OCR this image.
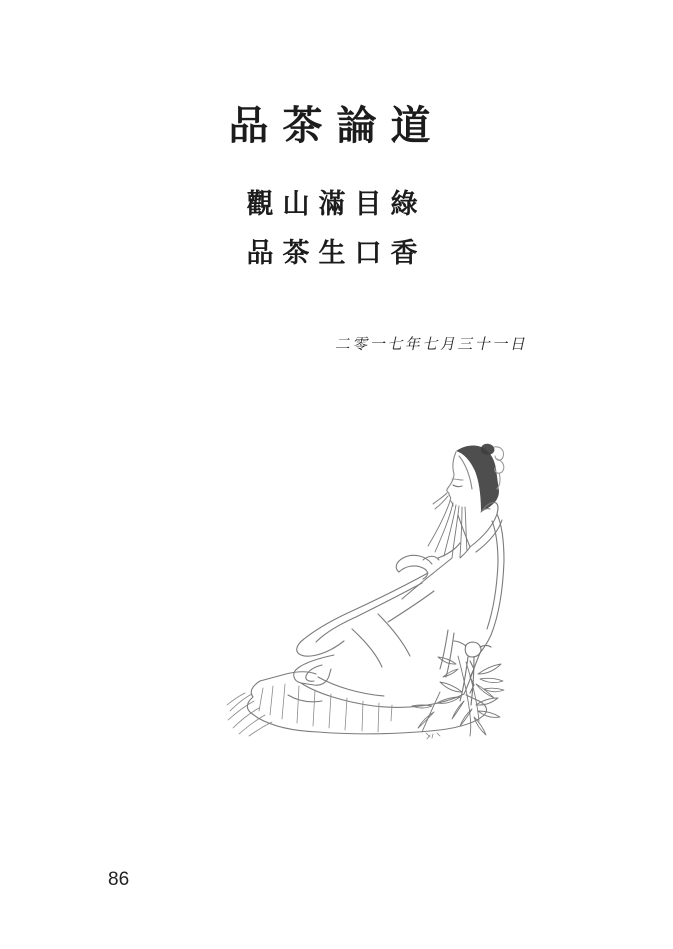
品茶論道
觀山滿目綠
品茶生口香
二零一七年七月三十一日
86
